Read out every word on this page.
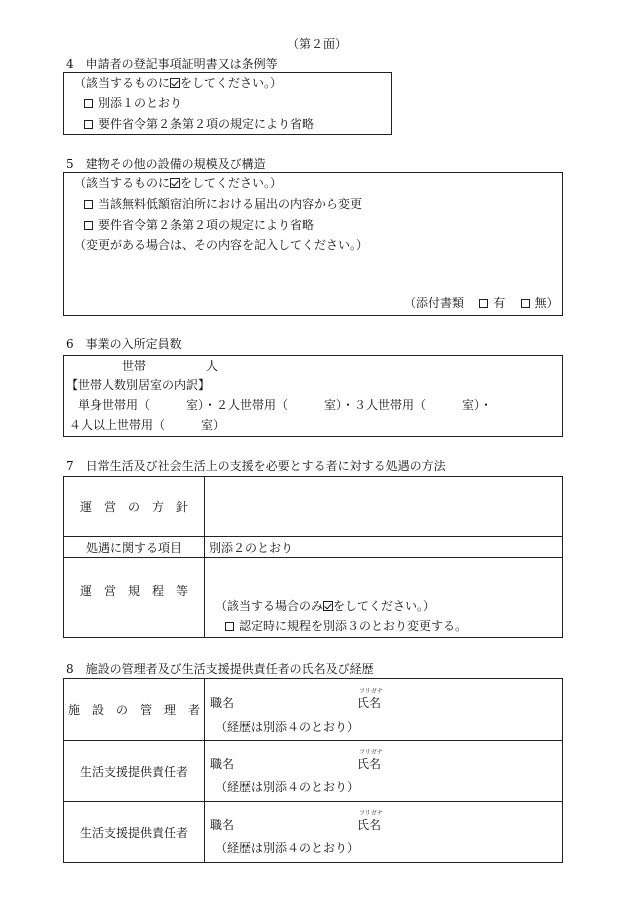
（第２面）
4　申請者の登記事項証明書又は条例等
（該当するものに をしてください。）
別添１のとおり
要件省令第２条第２項の規定により省略
5　建物その他の設備の規模及び構造
（該当するものに をしてください。）
当該無料低額宿泊所における届出の内容から変更
要件省令第２条第２項の規定により省略
（変更がある場合は、その内容を記入してください。）
（添付書類 有 無）
6　事業の入所定員数
世帯　　　　　人
【世帯人数別居室の内訳】
単身世帯用（　　　室）・２人世帯用（　　　室）・３人世帯用（　　　室）・
４人以上世帯用（　　　室）
7　日常生活及び社会生活上の支援を必要とする者に対する処遇の方法
運　営　の　方　針	
処遇に関する項目	別添２のとおり
運　営　規　程　等	（該当する場合のみ をしてください。）
認定時に規程を別添３のとおり変更する。
8　施設の管理者及び生活支援提供責任者の氏名及び経歴
施　設　の　管　理　者	職名
フリガナ
氏名
（経歴は別添４のとおり）

生活支援提供責任者	職名
フリガナ
氏名
（経歴は別添４のとおり）

生活支援提供責任者	職名
フリガナ
氏名
（経歴は別添４のとおり）
